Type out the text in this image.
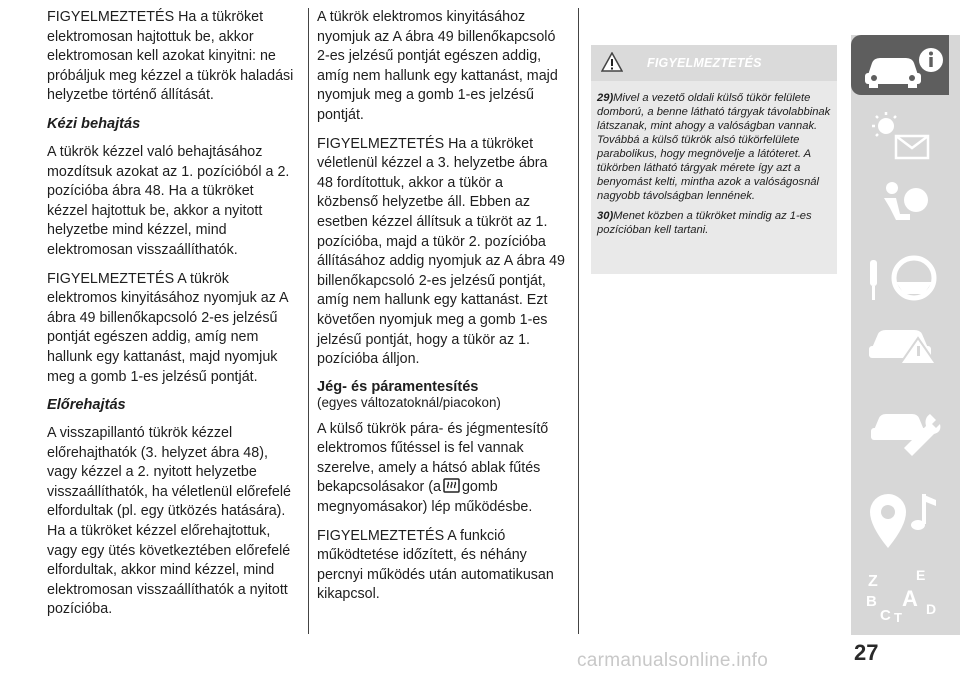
FIGYELMEZTETÉS Ha a tükröket elektromosan hajtottuk be, akkor elektromosan kell azokat kinyitni: ne próbáljuk meg kézzel a tükrök haladási helyzetbe történő állítását.

Kézi behajtás

A tükrök kézzel való behajtásához mozdítsuk azokat az 1. pozícióból a 2. pozícióba ábra 48. Ha a tükröket kézzel hajtottuk be, akkor a nyitott helyzetbe mind kézzel, mind elektromosan visszaállíthatók.

FIGYELMEZTETÉS A tükrök elektromos kinyitásához nyomjuk az A ábra 49 billenőkapcsoló 2-es jelzésű pontját egészen addig, amíg nem hallunk egy kattanást, majd nyomjuk meg a gomb 1-es jelzésű pontját.

Előrehajtás

A visszapillantó tükrök kézzel előrehajthatók (3. helyzet ábra 48), vagy kézzel a 2. nyitott helyzetbe visszaállíthatók, ha véletlenül előrefelé elfordultak (pl. egy ütközés hatására). Ha a tükröket kézzel előrehajtottuk, vagy egy ütés következtében előrefelé elfordultak, akkor mind kézzel, mind elektromosan visszaállíthatók a nyitott pozícióba.

A tükrök elektromos kinyitásához nyomjuk az A ábra 49 billenőkapcsoló 2-es jelzésű pontját egészen addig, amíg nem hallunk egy kattanást, majd nyomjuk meg a gomb 1-es jelzésű pontját.

FIGYELMEZTETÉS Ha a tükröket véletlenül kézzel a 3. helyzetbe ábra 48 fordítottuk, akkor a tükör a közbenső helyzetbe áll. Ebben az esetben kézzel állítsuk a tükröt az 1. pozícióba, majd a tükör 2. pozícióba állításához addig nyomjuk az A ábra 49 billenőkapcsoló 2-es jelzésű pontját, amíg nem hallunk egy kattanást. Ezt követően nyomjuk meg a gomb 1-es jelzésű pontját, hogy a tükör az 1. pozícióba álljon.

Jég- és páramentesítés

(egyes változatoknál/piacokon)

A külső tükrök pára- és jégmentesítő elektromos fűtéssel is fel vannak szerelve, amely a hátsó ablak fűtés bekapcsolásakor (a gomb megnyomásakor) lép működésbe.

FIGYELMEZTETÉS A funkció működtetése időzített, és néhány percnyi működés után automatikusan kikapcsol.

FIGYELMEZTETÉS

29)Mivel a vezető oldali külső tükör felülete domború, a benne látható tárgyak távolabbinak látszanak, mint ahogy a valóságban vannak. Továbbá a külső tükrök alsó tükörfelülete parabolikus, hogy megnövelje a látóteret. A tükörben látható tárgyak mérete így azt a benyomást kelti, mintha azok a valóságosnál nagyobb távolságban lennének.

30)Menet közben a tükröket mindig az 1-es pozícióban kell tartani.

Z	E
B A
C T
D
27
carmanualsonline.info
